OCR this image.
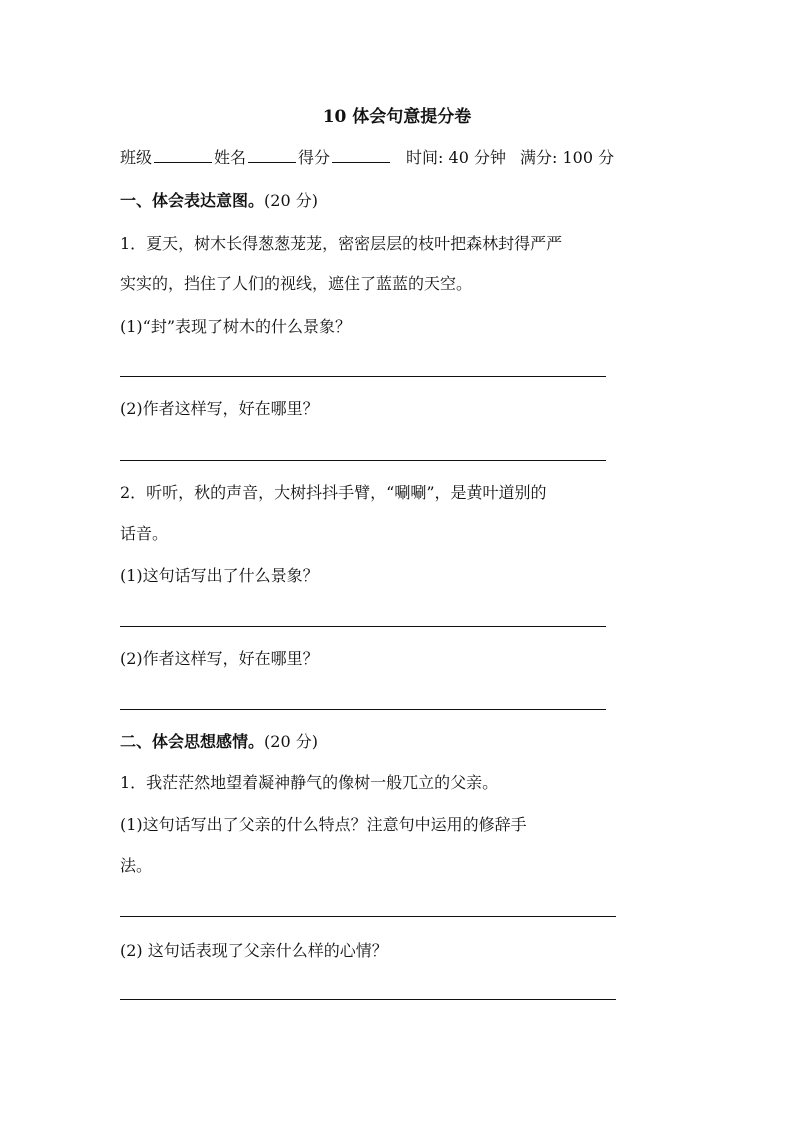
10 体会句意提分卷
班级	姓名	得分	时间: 40 分钟 满分: 100 分
一、体会表达意图。(20 分)
1．夏天，树木长得葱葱茏茏，密密层层的枝叶把森林封得严严
实实的，挡住了人们的视线，遮住了蓝蓝的天空。
(1)“封”表现了树木的什么景象？
(2)作者这样写，好在哪里？
2．听听，秋的声音，大树抖抖手臂，“唰唰”，是黄叶道别的
话音。
(1)这句话写出了什么景象？
(2)作者这样写，好在哪里？
二、体会思想感情。(20 分)
1．我茫茫然地望着凝神静气的像树一般兀立的父亲。
(1)这句话写出了父亲的什么特点？注意句中运用的修辞手
法。
(2) 这句话表现了父亲什么样的心情？
